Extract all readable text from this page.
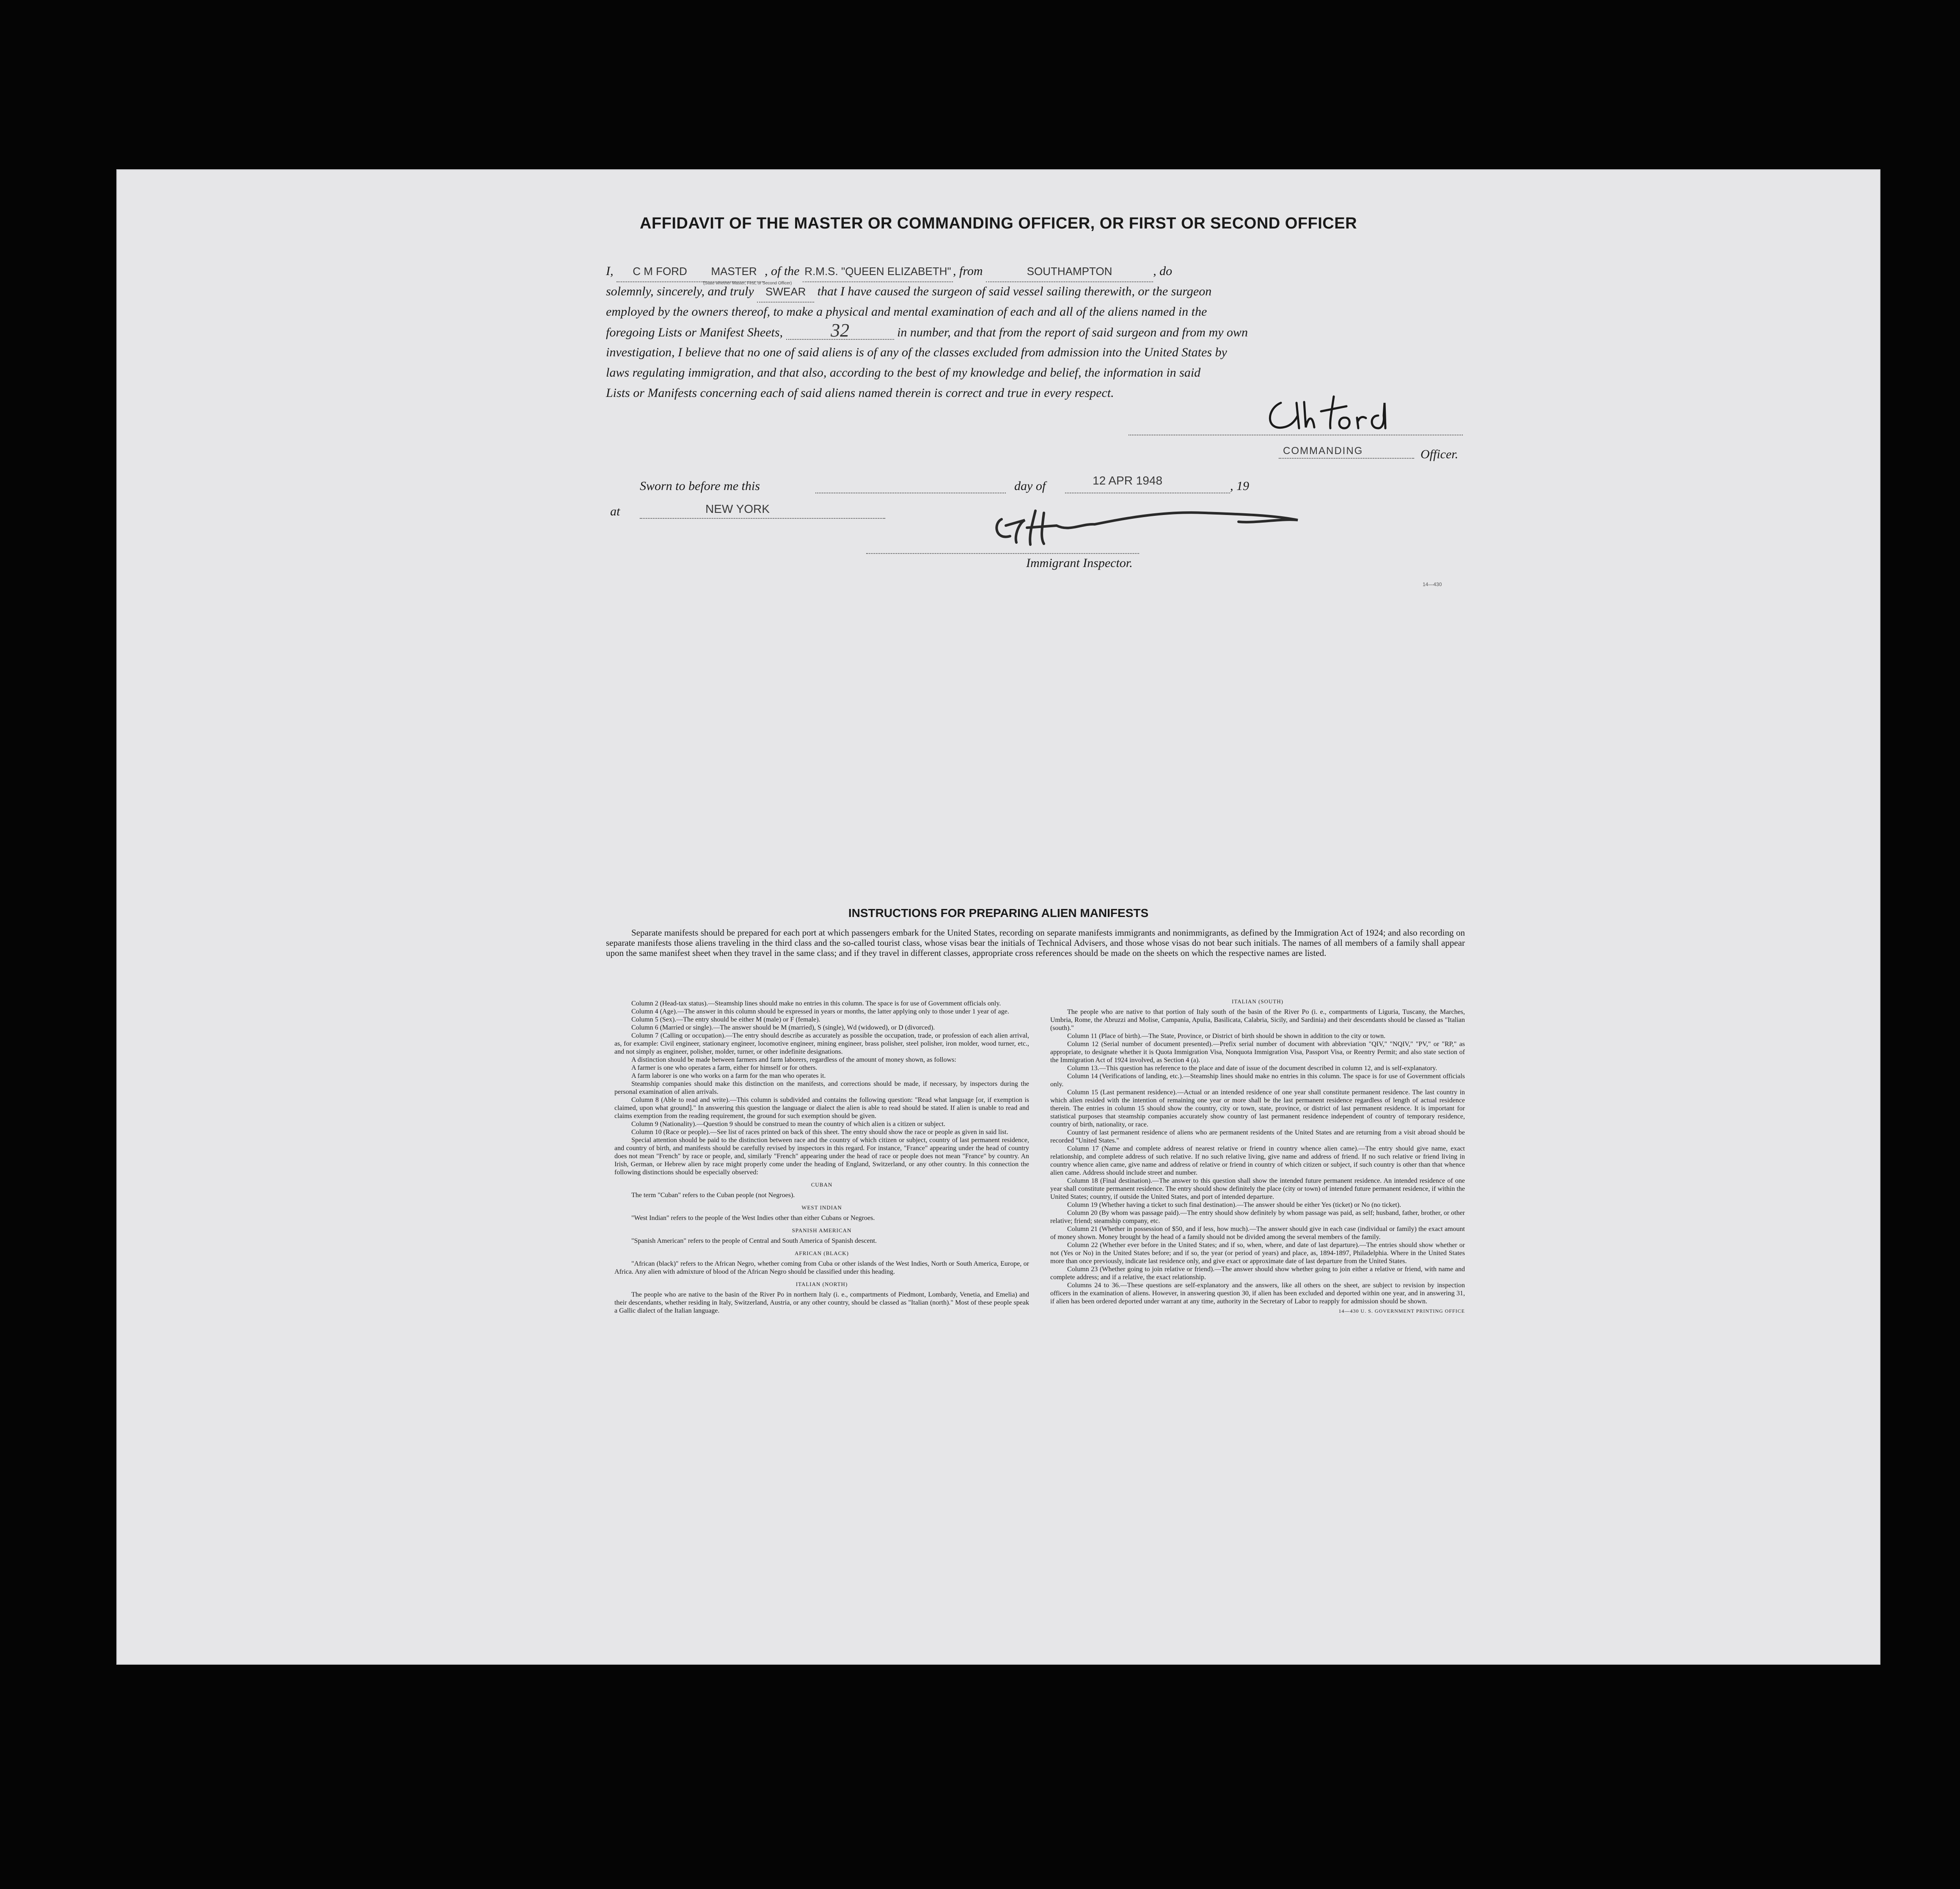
AFFIDAVIT OF THE MASTER OR COMMANDING OFFICER, OR FIRST OR SECOND OFFICER
I, C M FORD MASTER , of the R.M.S. "QUEEN ELIZABETH" , from	SOUTHAMPTON	, do
(State whether Master, First, or Second Officer)
solemnly, sincerely, and truly SWEAR that I have caused the surgeon of said vessel sailing therewith, or the surgeon
employed by the owners thereof, to make a physical and mental examination of each and all of the aliens named in the
foregoing Lists or Manifest Sheets,	32	in number, and that from the report of said surgeon and from my own
investigation, I believe that no one of said aliens is of any of the classes excluded from admission into the United States by
laws regulating immigration, and that also, according to the best of my knowledge and belief, the information in said
Lists or Manifests concerning each of said aliens named therein is correct and true in every respect.
COMMANDING	Officer.
Sworn to before me this	day of	12 APR 1948	, 19
at	NEW YORK
Immigrant Inspector.
14—430
INSTRUCTIONS FOR PREPARING ALIEN MANIFESTS
Separate manifests should be prepared for each port at which passengers embark for the United States, recording on separate manifests immigrants and nonimmigrants, as defined by the Immigration Act of 1924; and also recording on separate manifests those aliens traveling in the third class and the so-called tourist class, whose visas bear the initials of Technical Advisers, and those whose visas do not bear such initials. The names of all members of a family shall appear upon the same manifest sheet when they travel in the same class; and if they travel in different classes, appropriate cross references should be made on the sheets on which the respective names are listed.

Column 2 (Head-tax status).—Steamship lines should make no entries in this column. The space is for use of Government officials only.

Column 4 (Age).—The answer in this column should be expressed in years or months, the latter applying only to those under 1 year of age.

Column 5 (Sex).—The entry should be either M (male) or F (female).

Column 6 (Married or single).—The answer should be M (married), S (single), Wd (widowed), or D (divorced).

Column 7 (Calling or occupation).—The entry should describe as accurately as possible the occupation, trade, or profession of each alien arrival, as, for example: Civil engineer, stationary engineer, locomotive engineer, mining engineer, brass polisher, steel polisher, iron molder, wood turner, etc., and not simply as engineer, polisher, molder, turner, or other indefinite designations.

A distinction should be made between farmers and farm laborers, regardless of the amount of money shown, as follows:

A farmer is one who operates a farm, either for himself or for others.

A farm laborer is one who works on a farm for the man who operates it.

Steamship companies should make this distinction on the manifests, and corrections should be made, if necessary, by inspectors during the personal examination of alien arrivals.

Column 8 (Able to read and write).—This column is subdivided and contains the following question: "Read what language [or, if exemption is claimed, upon what ground]." In answering this question the language or dialect the alien is able to read should be stated. If alien is unable to read and claims exemption from the reading requirement, the ground for such exemption should be given.

Column 9 (Nationality).—Question 9 should be construed to mean the country of which alien is a citizen or subject.

Column 10 (Race or people).—See list of races printed on back of this sheet. The entry should show the race or people as given in said list.

Special attention should be paid to the distinction between race and the country of which citizen or subject, country of last permanent residence, and country of birth, and manifests should be carefully revised by inspectors in this regard. For instance, "France" appearing under the head of country does not mean "French" by race or people, and, similarly "French" appearing under the head of race or people does not mean "France" by country. An Irish, German, or Hebrew alien by race might properly come under the heading of England, Switzerland, or any other country. In this connection the following distinctions should be especially observed:

CUBAN

The term "Cuban" refers to the Cuban people (not Negroes).

WEST INDIAN

"West Indian" refers to the people of the West Indies other than either Cubans or Negroes.

SPANISH AMERICAN

"Spanish American" refers to the people of Central and South America of Spanish descent.

AFRICAN (BLACK)

"African (black)" refers to the African Negro, whether coming from Cuba or other islands of the West Indies, North or South America, Europe, or Africa. Any alien with admixture of blood of the African Negro should be classified under this heading.

ITALIAN (NORTH)

The people who are native to the basin of the River Po in northern Italy (i. e., compartments of Piedmont, Lombardy, Venetia, and Emelia) and their descendants, whether residing in Italy, Switzerland, Austria, or any other country, should be classed as "Italian (north)." Most of these people speak a Gallic dialect of the Italian language.

ITALIAN (SOUTH)

The people who are native to that portion of Italy south of the basin of the River Po (i. e., compartments of Liguria, Tuscany, the Marches, Umbria, Rome, the Abruzzi and Molise, Campania, Apulia, Basilicata, Calabria, Sicily, and Sardinia) and their descendants should be classed as "Italian (south)."

Column 11 (Place of birth).—The State, Province, or District of birth should be shown in addition to the city or town.

Column 12 (Serial number of document presented).—Prefix serial number of document with abbreviation "QIV," "NQIV," "PV," or "RP," as appropriate, to designate whether it is Quota Immigration Visa, Nonquota Immigration Visa, Passport Visa, or Reentry Permit; and also state section of the Immigration Act of 1924 involved, as Section 4 (a).

Column 13.—This question has reference to the place and date of issue of the document described in column 12, and is self-explanatory.

Column 14 (Verifications of landing, etc.).—Steamship lines should make no entries in this column. The space is for use of Government officials only.

Column 15 (Last permanent residence).—Actual or an intended residence of one year shall constitute permanent residence. The last country in which alien resided with the intention of remaining one year or more shall be the last permanent residence regardless of length of actual residence therein. The entries in column 15 should show the country, city or town, state, province, or district of last permanent residence. It is important for statistical purposes that steamship companies accurately show country of last permanent residence independent of country of temporary residence, country of birth, nationality, or race.

Country of last permanent residence of aliens who are permanent residents of the United States and are returning from a visit abroad should be recorded "United States."

Column 17 (Name and complete address of nearest relative or friend in country whence alien came).—The entry should give name, exact relationship, and complete address of such relative. If no such relative living, give name and address of friend. If no such relative or friend living in country whence alien came, give name and address of relative or friend in country of which citizen or subject, if such country is other than that whence alien came. Address should include street and number.

Column 18 (Final destination).—The answer to this question shall show the intended future permanent residence. An intended residence of one year shall constitute permanent residence. The entry should show definitely the place (city or town) of intended future permanent residence, if within the United States; country, if outside the United States, and port of intended departure.

Column 19 (Whether having a ticket to such final destination).—The answer should be either Yes (ticket) or No (no ticket).

Column 20 (By whom was passage paid).—The entry should show definitely by whom passage was paid, as self; husband, father, brother, or other relative; friend; steamship company, etc.

Column 21 (Whether in possession of $50, and if less, how much).—The answer should give in each case (individual or family) the exact amount of money shown. Money brought by the head of a family should not be divided among the several members of the family.

Column 22 (Whether ever before in the United States; and if so, when, where, and date of last departure).—The entries should show whether or not (Yes or No) in the United States before; and if so, the year (or period of years) and place, as, 1894-1897, Philadelphia. Where in the United States more than once previously, indicate last residence only, and give exact or approximate date of last departure from the United States.

Column 23 (Whether going to join relative or friend).—The answer should show whether going to join either a relative or friend, with name and complete address; and if a relative, the exact relationship.

Columns 24 to 36.—These questions are self-explanatory and the answers, like all others on the sheet, are subject to revision by inspection officers in the examination of aliens. However, in answering question 30, if alien has been excluded and deported within one year, and in answering 31, if alien has been ordered deported under warrant at any time, authority in the Secretary of Labor to reapply for admission should be shown.

14—430 U. S. GOVERNMENT PRINTING OFFICE
